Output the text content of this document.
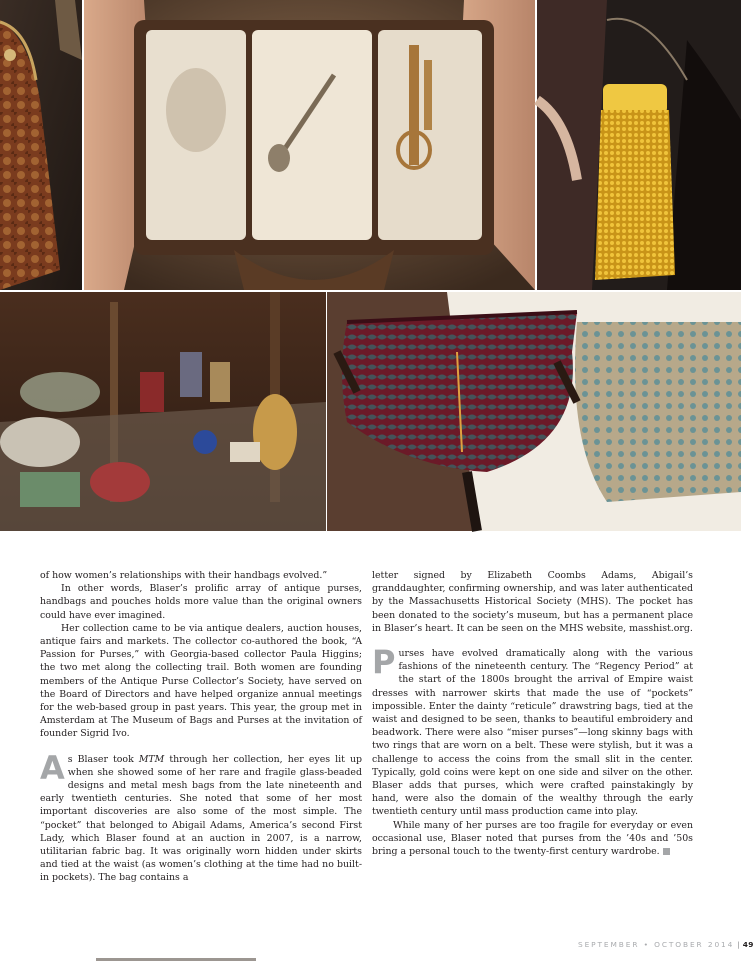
of how women’s relationships with their handbags evolved.”

In other words, Blaser’s prolific array of antique purses, handbags and pouches holds more value than the original owners could have ever imagined.

Her collection came to be via antique dealers, auction houses, antique fairs and markets. The collector co-authored the book, “A Passion for Purses,” with Georgia-based collector Paula Higgins; the two met along the collecting trail. Both women are founding members of the Antique Purse Collector’s Society, have served on the Board of Directors and have helped organize annual meetings for the web-based group in past years. This year, the group met in Amsterdam at The Museum of Bags and Purses at the invitation of founder Sigrid Ivo.

As Blaser took MTM through her collection, her eyes lit up when she showed some of her rare and fragile glass-beaded designs and metal mesh bags from the late nineteenth and early twentieth centuries. She noted that some of her most important discoveries are also some of the most simple. The “pocket” that belonged to Abigail Adams, America’s second First Lady, which Blaser found at an auction in 2007, is a narrow, utilitarian fabric bag. It was originally worn hidden under skirts and tied at the waist (as women’s clothing at the time had no built-in pockets). The bag contains a

letter signed by Elizabeth Coombs Adams, Abigail’s granddaughter, confirming ownership, and was later authenticated by the Massachusetts Historical Society (MHS). The pocket has been donated to the society’s museum, but has a permanent place in Blaser’s heart. It can be seen on the MHS website, masshist.org.

Purses have evolved dramatically along with the various fashions of the nineteenth century. The “Regency Period” at the start of the 1800s brought the arrival of Empire waist dresses with narrower skirts that made the use of “pockets” impossible. Enter the dainty “reticule” drawstring bags, tied at the waist and designed to be seen, thanks to beautiful embroidery and beadwork. There were also “miser purses”—long skinny bags with two rings that are worn on a belt. These were stylish, but it was a challenge to access the coins from the small slit in the center. Typically, gold coins were kept on one side and silver on the other. Blaser adds that purses, which were crafted painstakingly by hand, were also the domain of the wealthy through the early twentieth century until mass production came into play.

While many of her purses are too fragile for everyday or even occasional use, Blaser noted that purses from the ’40s and ’50s bring a personal touch to the twenty-first century wardrobe.

SEPTEMBER • OCTOBER 2014 | 49
